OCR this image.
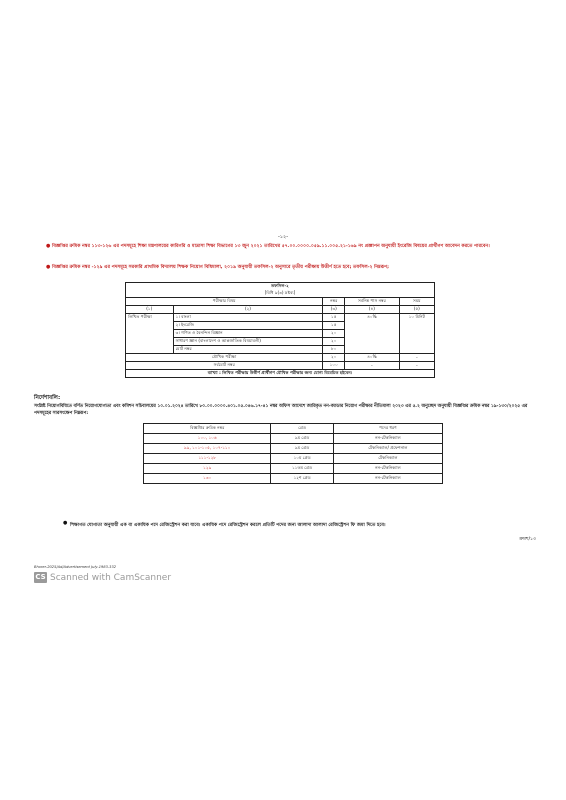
-১২-
● বিজ্ঞপ্তির ক্রমিক নম্বর ১১৩-১২৬ এর পদসমূহে শিক্ষা মন্ত্রণালয়ের কারিগরি ও মাদ্রাসা শিক্ষা বিভাগের ১৩ জুন ২০২১ তারিখের ৫৭.০০.০০০০.০৫৯.১১.০০৫.২১-১৬৯ নং প্রজ্ঞাপন অনুযায়ী ইংরেজি বিষয়ের প্রার্থীগণ আবেদন করতে পারবেন।
● বিজ্ঞপ্তির ক্রমিক নম্বর -১২৯ এর পদসমূহে সরকারি প্রাথমিক বিদ্যালয় শিক্ষক নিয়োগ বিধিমালা, ২০১৯ অনুযায়ী তফসিল-২ অনুসারে তৃতীয় পরীক্ষায় উত্তীর্ণ হতে হবে; তফসিল-২ নিম্নরূপ;
তফসিল-২
[বিধি ৯(৩) দ্রষ্টব্য]				

পরীক্ষার বিষয়		নম্বর	সর্বনিম্ন পাস নম্বর	সময়
(১)	(২)	(৩)	(৪)	(৫)
লিখিত পরীক্ষা	১। বাংলা	১৫	৪০%	১০ মিনিট
	২। ইংরেজি	১৫		
	৩। গণিত ও বৈনন্দিন বিজ্ঞান	২০		
	সাধারণ জ্ঞান (বাংলাদেশ ও আন্তর্জাতিক বিষয়াবলী)	২০		
	মোট নম্বর	৮০		
মৌখিক পরীক্ষা		২০	৪০%	-
সর্বমোট নম্বর		১০০	-	-
ব্যাখ্যা : লিখিত পরীক্ষায় উত্তীর্ণ প্রার্থীগণ মৌখিক পরীক্ষার জন্য যোগ্য বিবেচিত হইবেন।				
নির্দেশাবলি:
সংশ্লিষ্ট নিয়োগবিধিতে বর্ণিত নিয়োগযোগ্যতা এবং কমিশন সচিবালয়ের ১০.০১.২০২৪ তারিখে ৮০.০০.০০০০.৪০১.০৫.০৪৬.১৭-৪১ নম্বর অফিস আদেশে জারিকৃত নন-ক্যাডার নিয়োগ পরীক্ষার নীতিমালা ২০২৩ এর ৫.২ অনুচ্ছেদ অনুযায়ী বিজ্ঞপ্তির ক্রমিক নম্বর ১৯-১৩০/২০২৫ এর পদসমূহের সারসংক্ষেপ নিম্নরূপ:
বিজ্ঞপ্তির ক্রমিক নম্বর	গ্রেড	পদের ধরণ
১০০, ১০৬	৯ম গ্রেড	নন-টেকনিক্যাল
৯৯, ১০১-১০৫, ১০৭-১১০	৯ম গ্রেড	টেকনিক্যাল/ প্রফেশনাল
১১১-১২৮	১০ম গ্রেড	টেকনিক্যাল
১২৯	১১তম গ্রেড	নন-টেকনিক্যাল
১৩০	১২শ গ্রেড	নন-টেকনিক্যাল
● শিক্ষাগত যোগ্যতা অনুযায়ী এক বা একাধিক পদে রেজিস্ট্রেশন করা যাবে। একাধিক পদে রেজিস্ট্রেশন করলে প্রতিটি পদের জন্য আলাদা আলাদা রেজিস্ট্রেশন ফি জমা দিতে হবে।
ক্রমশ/১৩
Bhorer-2025/Ad/Advertisement July-1983-332
CS Scanned with CamScanner
